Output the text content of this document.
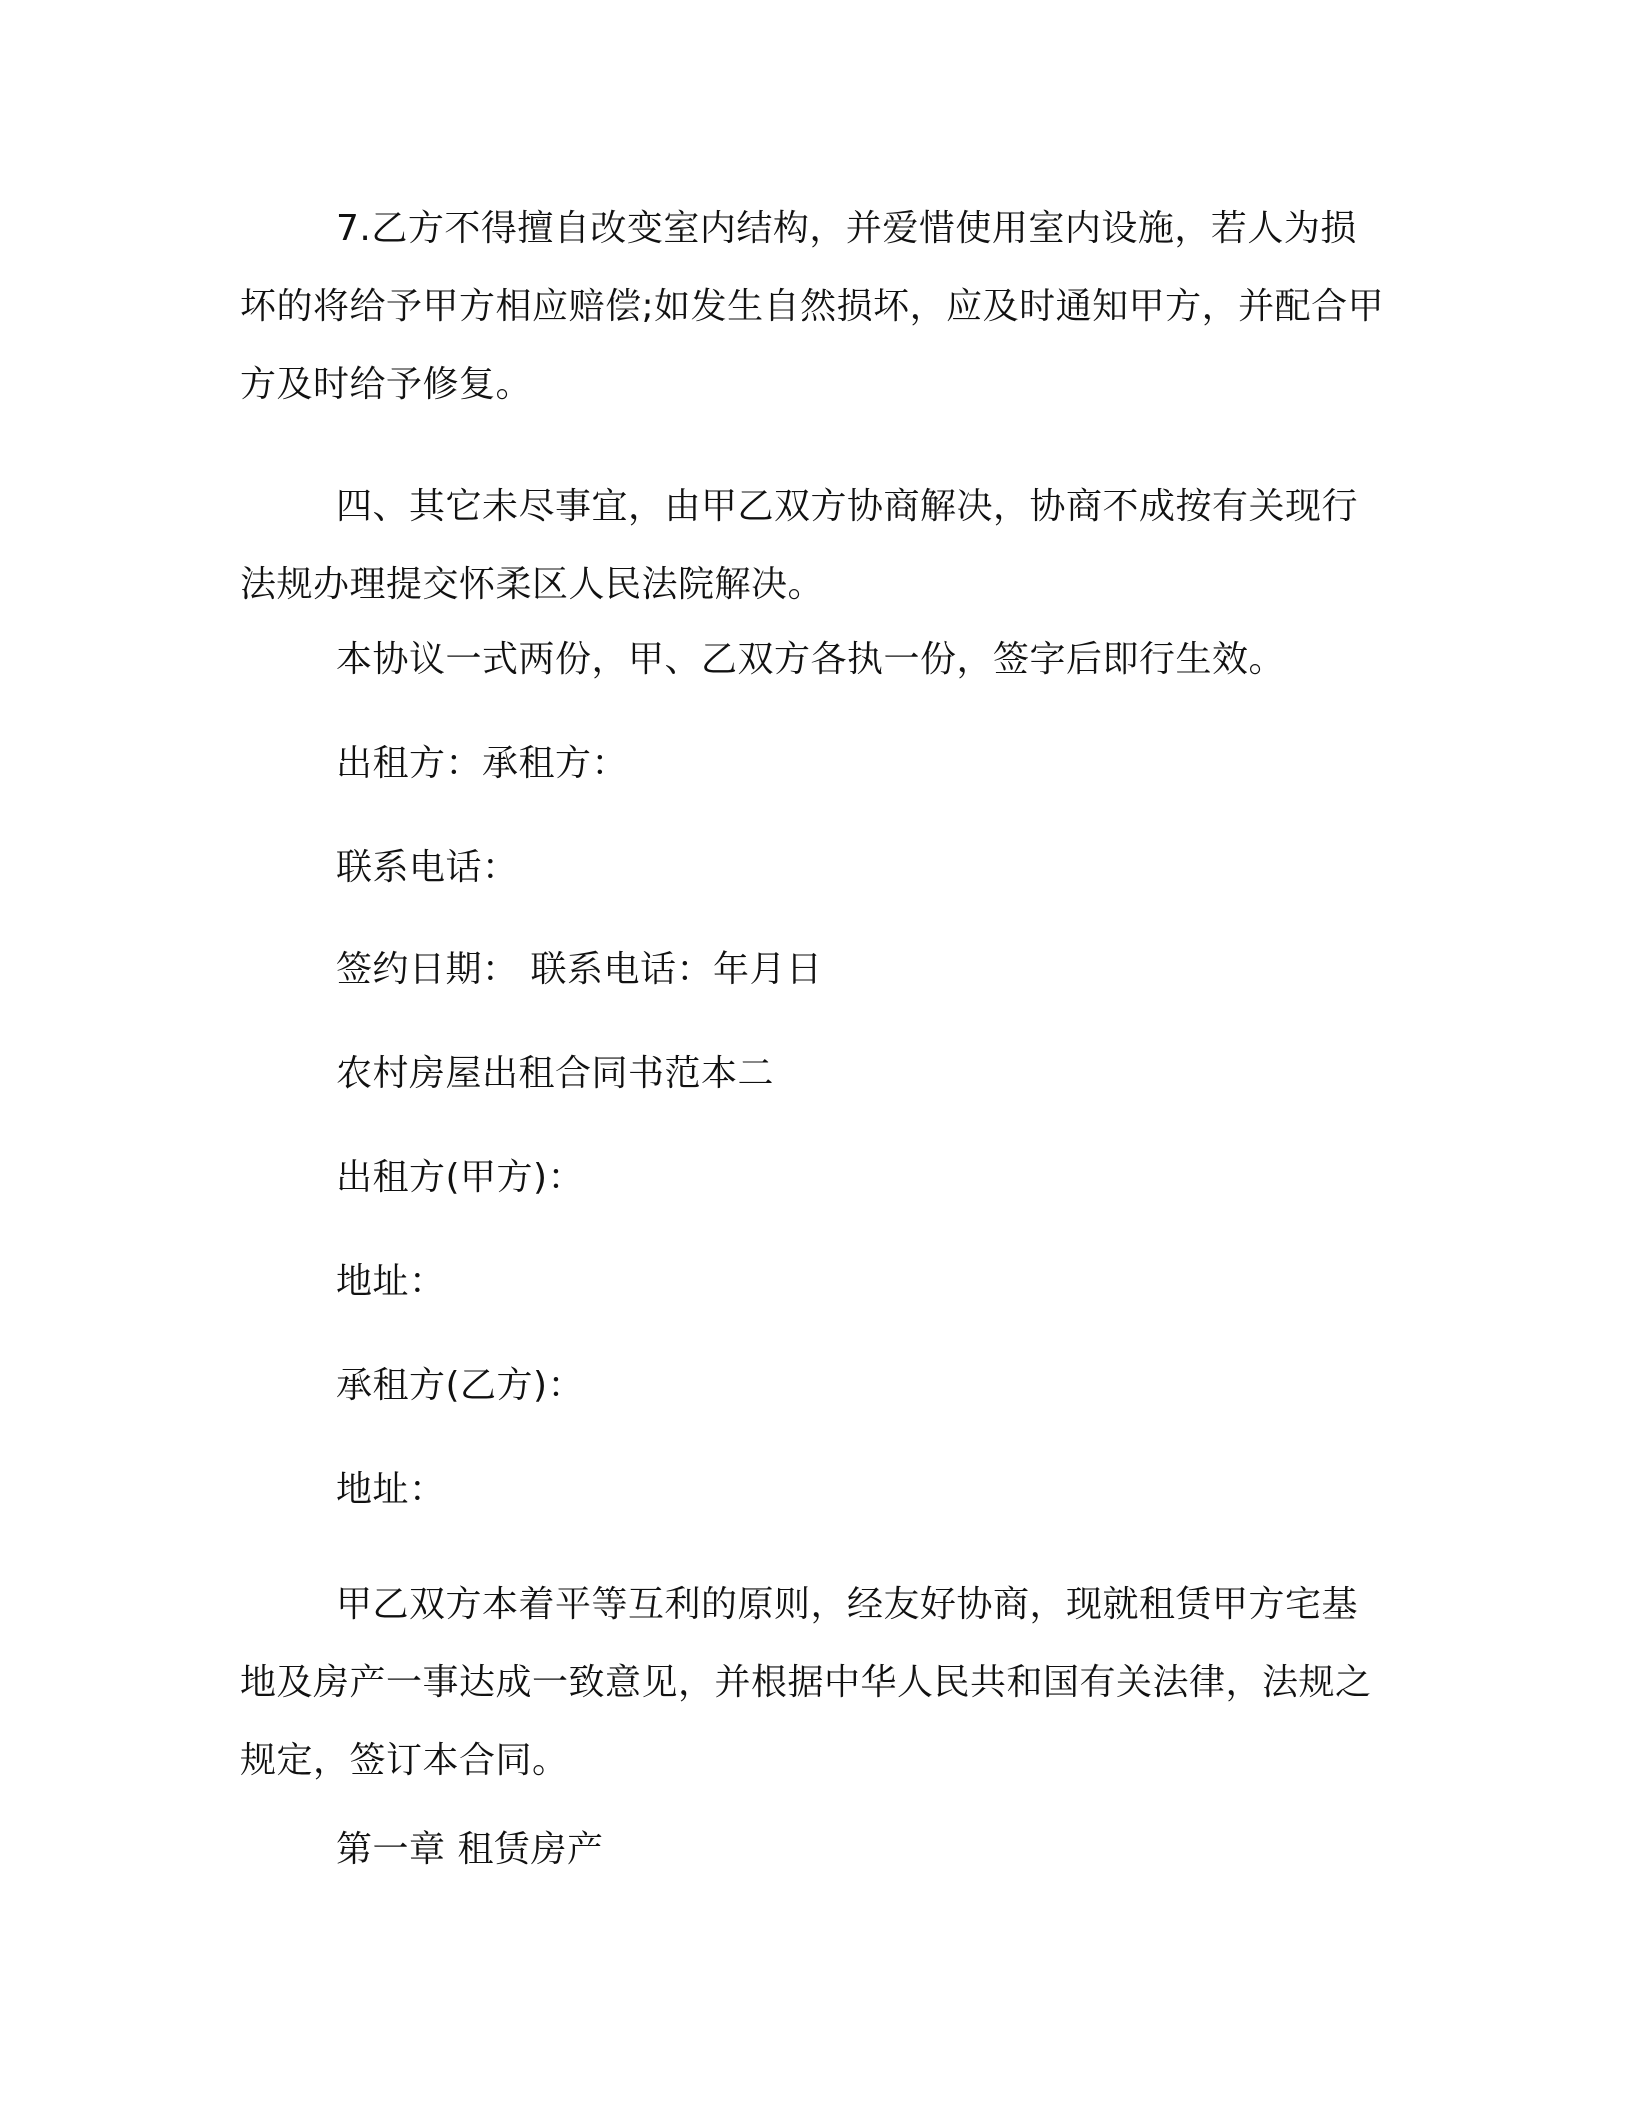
7.乙方不得擅自改变室内结构，并爱惜使用室内设施，若人为损坏的将给予甲方相应赔偿;如发生自然损坏，应及时通知甲方，并配合甲方及时给予修复。

四、其它未尽事宜，由甲乙双方协商解决，协商不成按有关现行法规办理提交怀柔区人民法院解决。

本协议一式两份，甲、乙双方各执一份，签字后即行生效。

出租方：承租方：

联系电话：

签约日期： 联系电话：年月日

农村房屋出租合同书范本二

出租方(甲方)：

地址：

承租方(乙方)：

地址：

甲乙双方本着平等互利的原则，经友好协商，现就租赁甲方宅基地及房产一事达成一致意见，并根据中华人民共和国有关法律，法规之规定，签订本合同。

第一章 租赁房产
